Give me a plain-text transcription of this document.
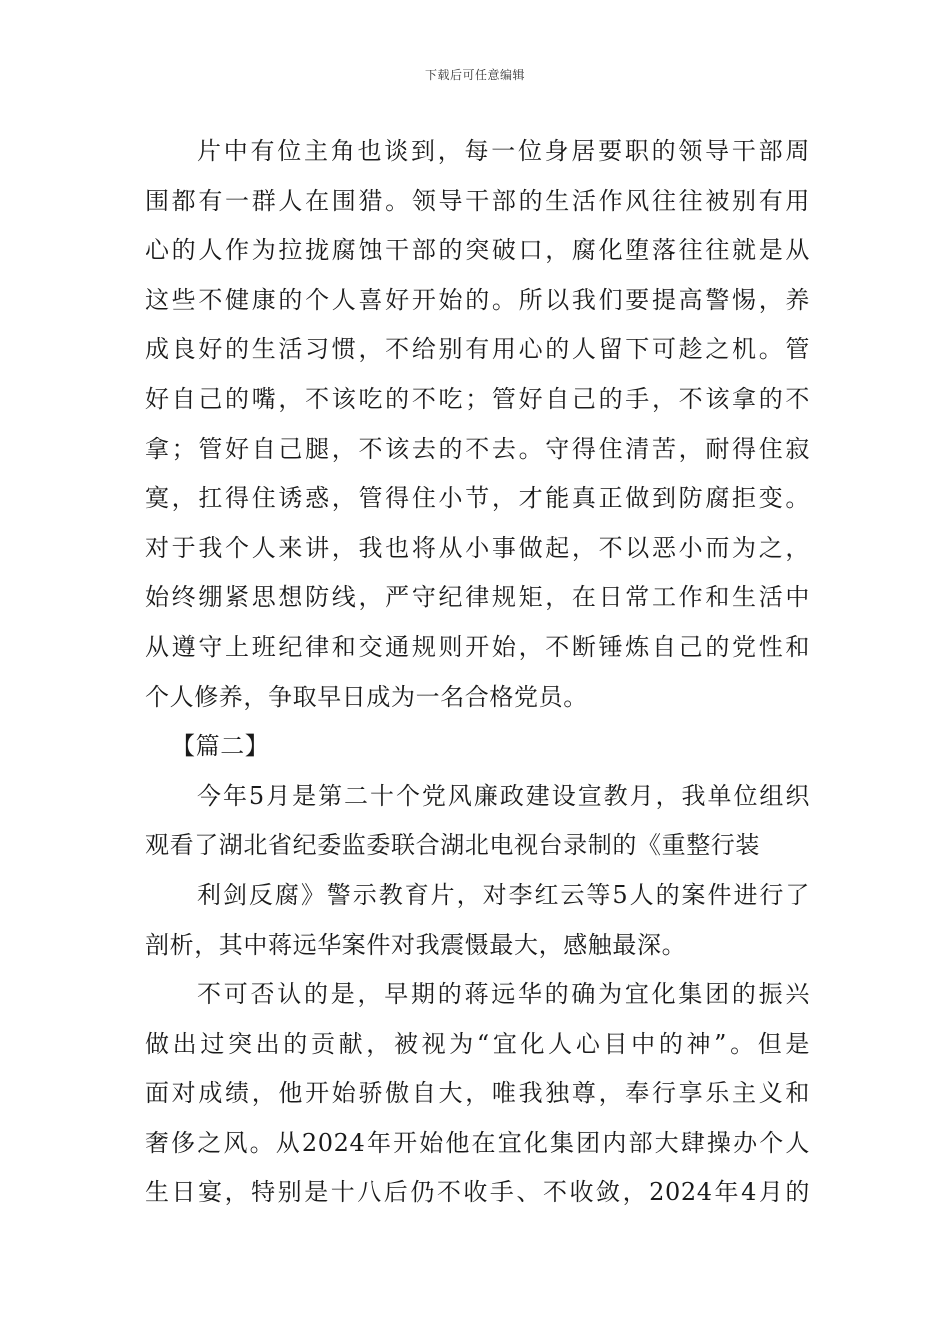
下载后可任意编辑
片中有位主角也谈到，每一位身居要职的领导干部周
围都有一群人在围猎。领导干部的生活作风往往被别有用
心的人作为拉拢腐蚀干部的突破口，腐化堕落往往就是从
这些不健康的个人喜好开始的。所以我们要提高警惕，养
成良好的生活习惯，不给别有用心的人留下可趁之机。管
好自己的嘴，不该吃的不吃；管好自己的手，不该拿的不
拿；管好自己腿，不该去的不去。守得住清苦，耐得住寂
寞，扛得住诱惑，管得住小节，才能真正做到防腐拒变。
对于我个人来讲，我也将从小事做起，不以恶小而为之，
始终绷紧思想防线，严守纪律规矩，在日常工作和生活中
从遵守上班纪律和交通规则开始，不断锤炼自己的党性和
个人修养，争取早日成为一名合格党员。
【篇二】
今年5月是第二十个党风廉政建设宣教月，我单位组织
观看了湖北省纪委监委联合湖北电视台录制的《重整行装
利剑反腐》警示教育片，对李红云等5人的案件进行了
剖析，其中蒋远华案件对我震慑最大，感触最深。
不可否认的是，早期的蒋远华的确为宜化集团的振兴
做出过突出的贡献，被视为“宜化人心目中的神”。但是
面对成绩，他开始骄傲自大，唯我独尊，奉行享乐主义和
奢侈之风。从2024年开始他在宜化集团内部大肆操办个人
生日宴，特别是十八后仍不收手、不收敛，2024年4月的
